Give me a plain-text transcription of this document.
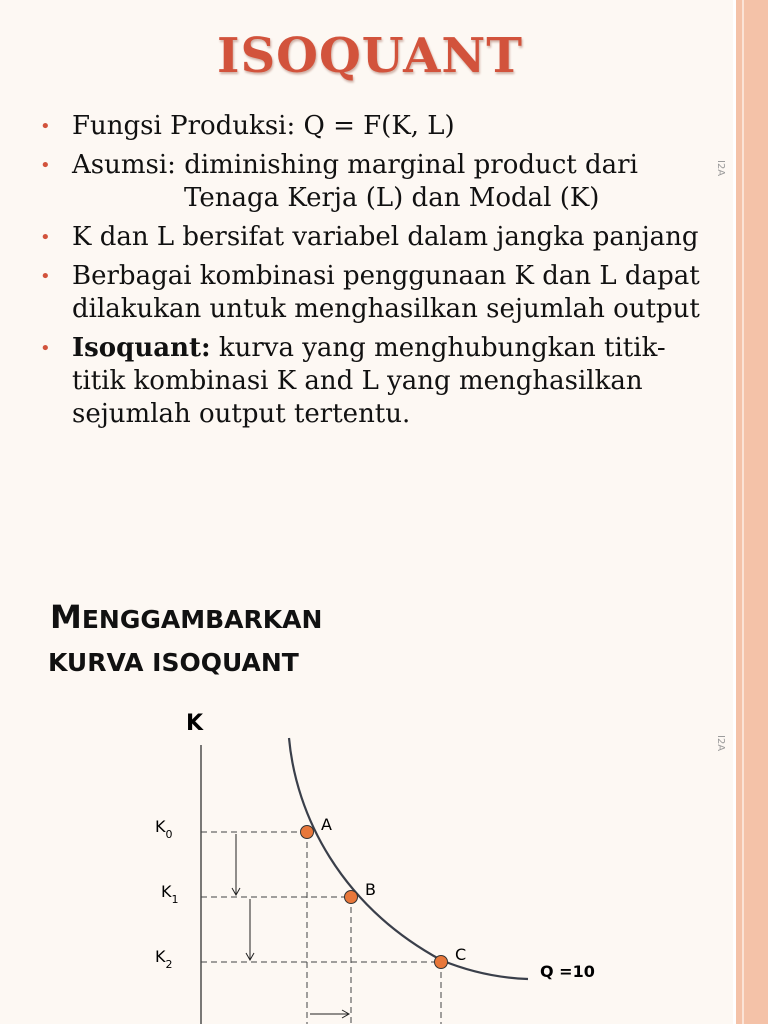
I2A
I2A
ISOQUANT
• Fungsi Produksi: Q = F(K, L)
• Asumsi: diminishing marginal product dari
Tenaga Kerja (L) dan Modal (K)
• K dan L bersifat variabel dalam jangka panjang
• Berbagai kombinasi penggunaan K dan L dapat dilakukan untuk menghasilkan sejumlah output
• Isoquant: kurva yang menghubungkan titik-titik kombinasi K and L yang menghasilkan sejumlah output tertentu.
MENGGAMBARKAN
KURVA ISOQUANT
K
$K_0$
$K_1$
$K_2$	Q =10
A
B
C
